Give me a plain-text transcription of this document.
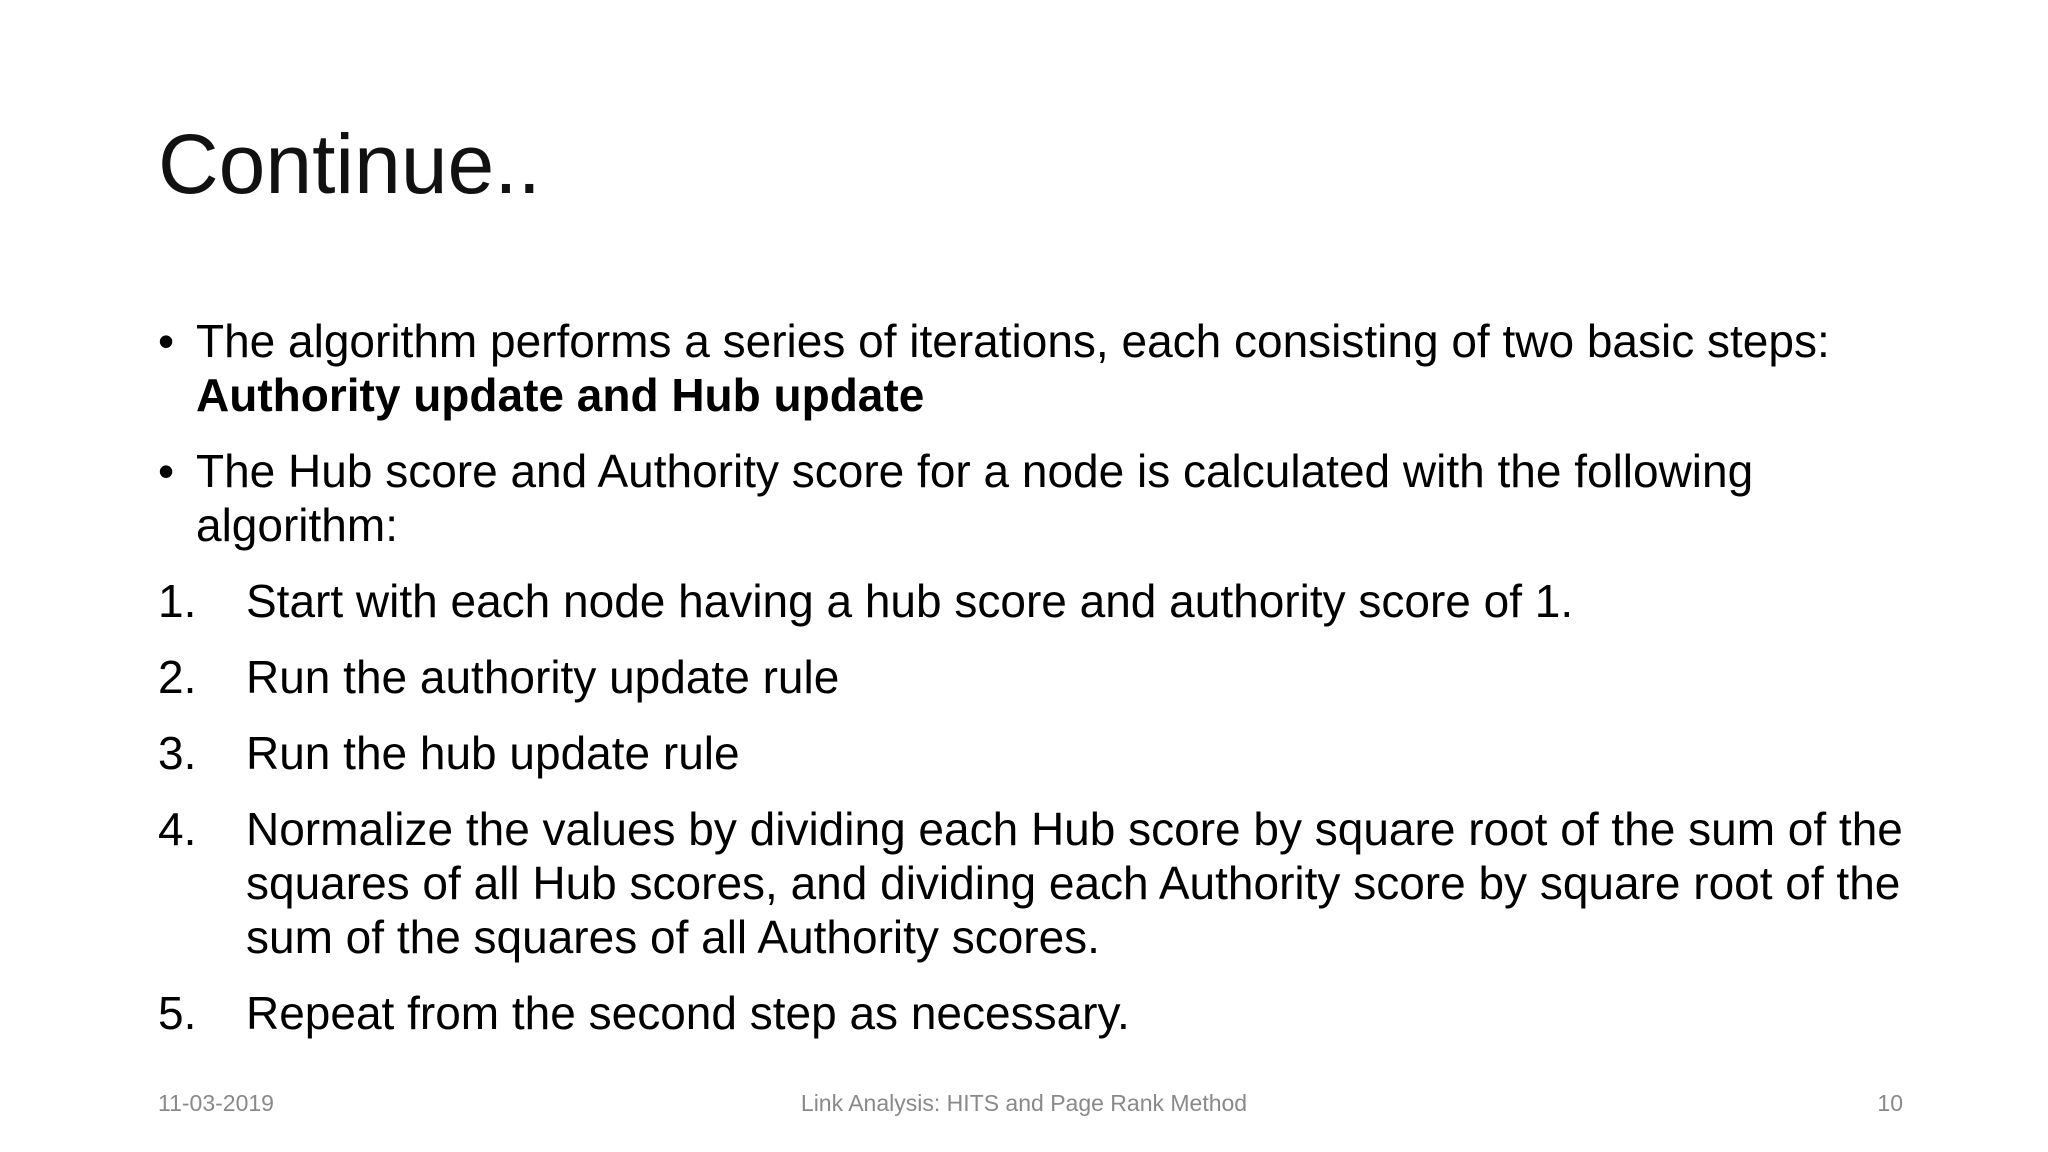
Continue..
• The algorithm performs a series of iterations, each consisting of two basic steps: Authority update and Hub update
• The Hub score and Authority score for a node is calculated with the following algorithm:
1.	Start with each node having a hub score and authority score of 1.
2.	Run the authority update rule
3.	Run the hub update rule
4.	Normalize the values by dividing each Hub score by square root of the sum of the squares of all Hub scores, and dividing each Authority score by square root of the sum of the squares of all Authority scores.
5.	Repeat from the second step as necessary.
11-03-2019	Link Analysis: HITS and Page Rank Method	10
